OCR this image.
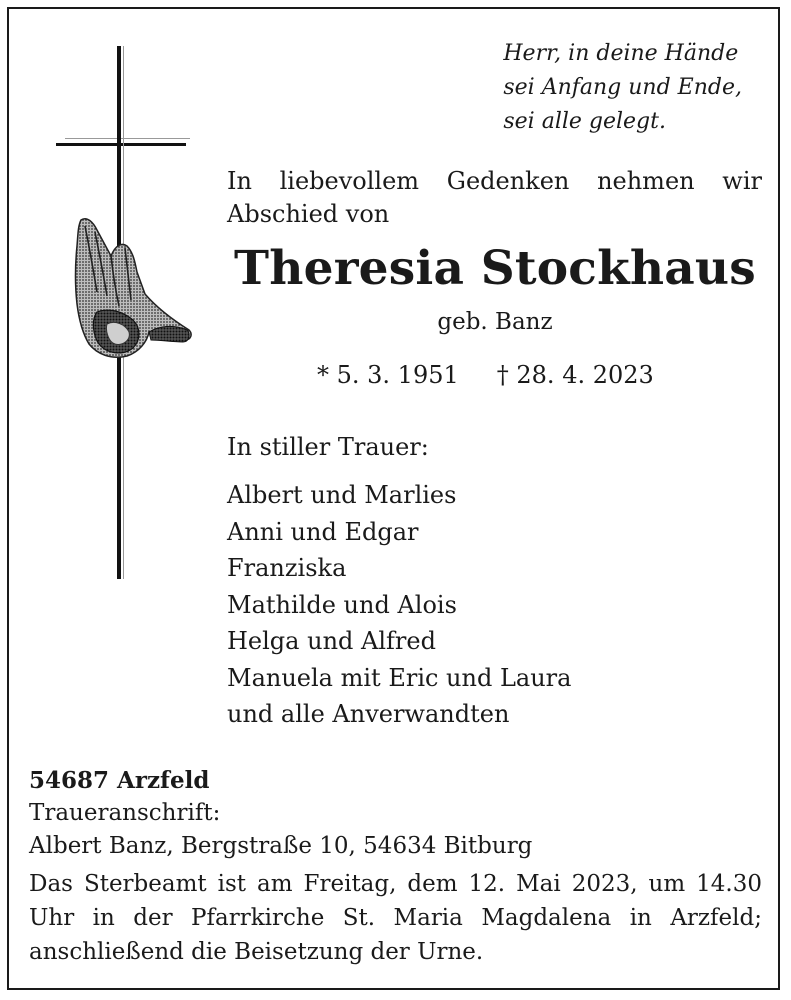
Herr, in deine Hände
sei Anfang und Ende,
sei alle gelegt.
In liebevollem Gedenken nehmen wir
Abschied von
Theresia Stockhaus
geb. Banz
* 5. 3. 1951 † 28. 4. 2023
In stiller Trauer:
Albert und Marlies
Anni und Edgar
Franziska
Mathilde und Alois
Helga und Alfred
Manuela mit Eric und Laura
und alle Anverwandten
54687 Arzfeld
Traueranschrift:
Albert Banz, Bergstraße 10, 54634 Bitburg
Das Sterbeamt ist am Freitag, dem 12. Mai 2023, um 14.30 Uhr in der Pfarrkirche St. Maria Magdalena in Arzfeld; anschließend die Beisetzung der Urne.
